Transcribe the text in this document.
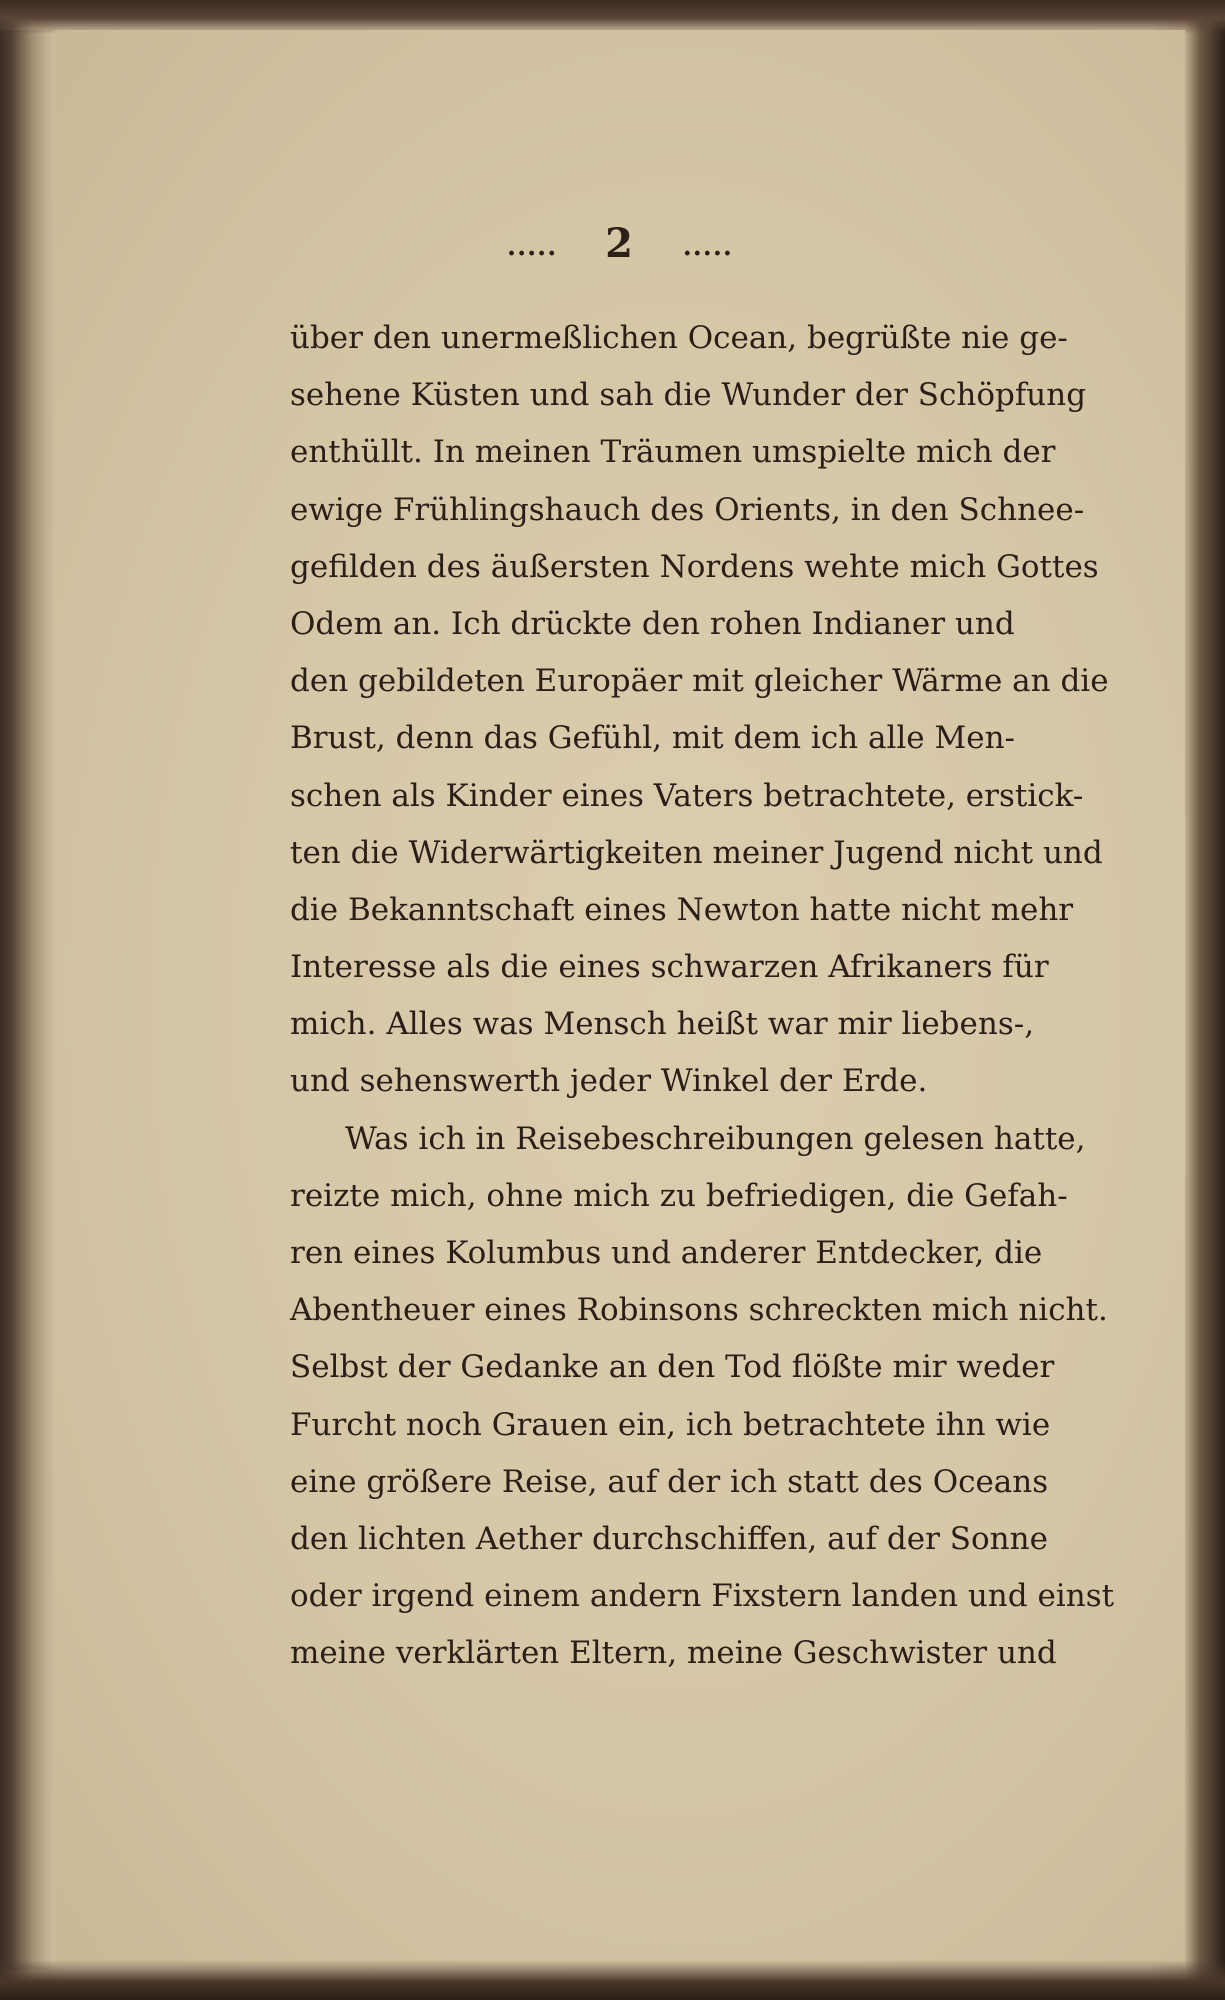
..... 2 .....
über den unermeßlichen Ocean, begrüßte nie ge-
sehene Küsten und sah die Wunder der Schöpfung
enthüllt. In meinen Träumen umspielte mich der
ewige Frühlingshauch des Orients, in den Schnee-
gefilden des äußersten Nordens wehte mich Gottes
Odem an. Ich drückte den rohen Indianer und
den gebildeten Europäer mit gleicher Wärme an die
Brust, denn das Gefühl, mit dem ich alle Men-
schen als Kinder eines Vaters betrachtete, erstick-
ten die Widerwärtigkeiten meiner Jugend nicht und
die Bekanntschaft eines Newton hatte nicht mehr
Interesse als die eines schwarzen Afrikaners für
mich. Alles was Mensch heißt war mir liebens-,
und sehenswerth jeder Winkel der Erde.
Was ich in Reisebeschreibungen gelesen hatte,
reizte mich, ohne mich zu befriedigen, die Gefah-
ren eines Kolumbus und anderer Entdecker, die
Abentheuer eines Robinsons schreckten mich nicht.
Selbst der Gedanke an den Tod flößte mir weder
Furcht noch Grauen ein, ich betrachtete ihn wie
eine größere Reise, auf der ich statt des Oceans
den lichten Aether durchschiffen, auf der Sonne
oder irgend einem andern Fixstern landen und einst
meine verklärten Eltern, meine Geschwister und
